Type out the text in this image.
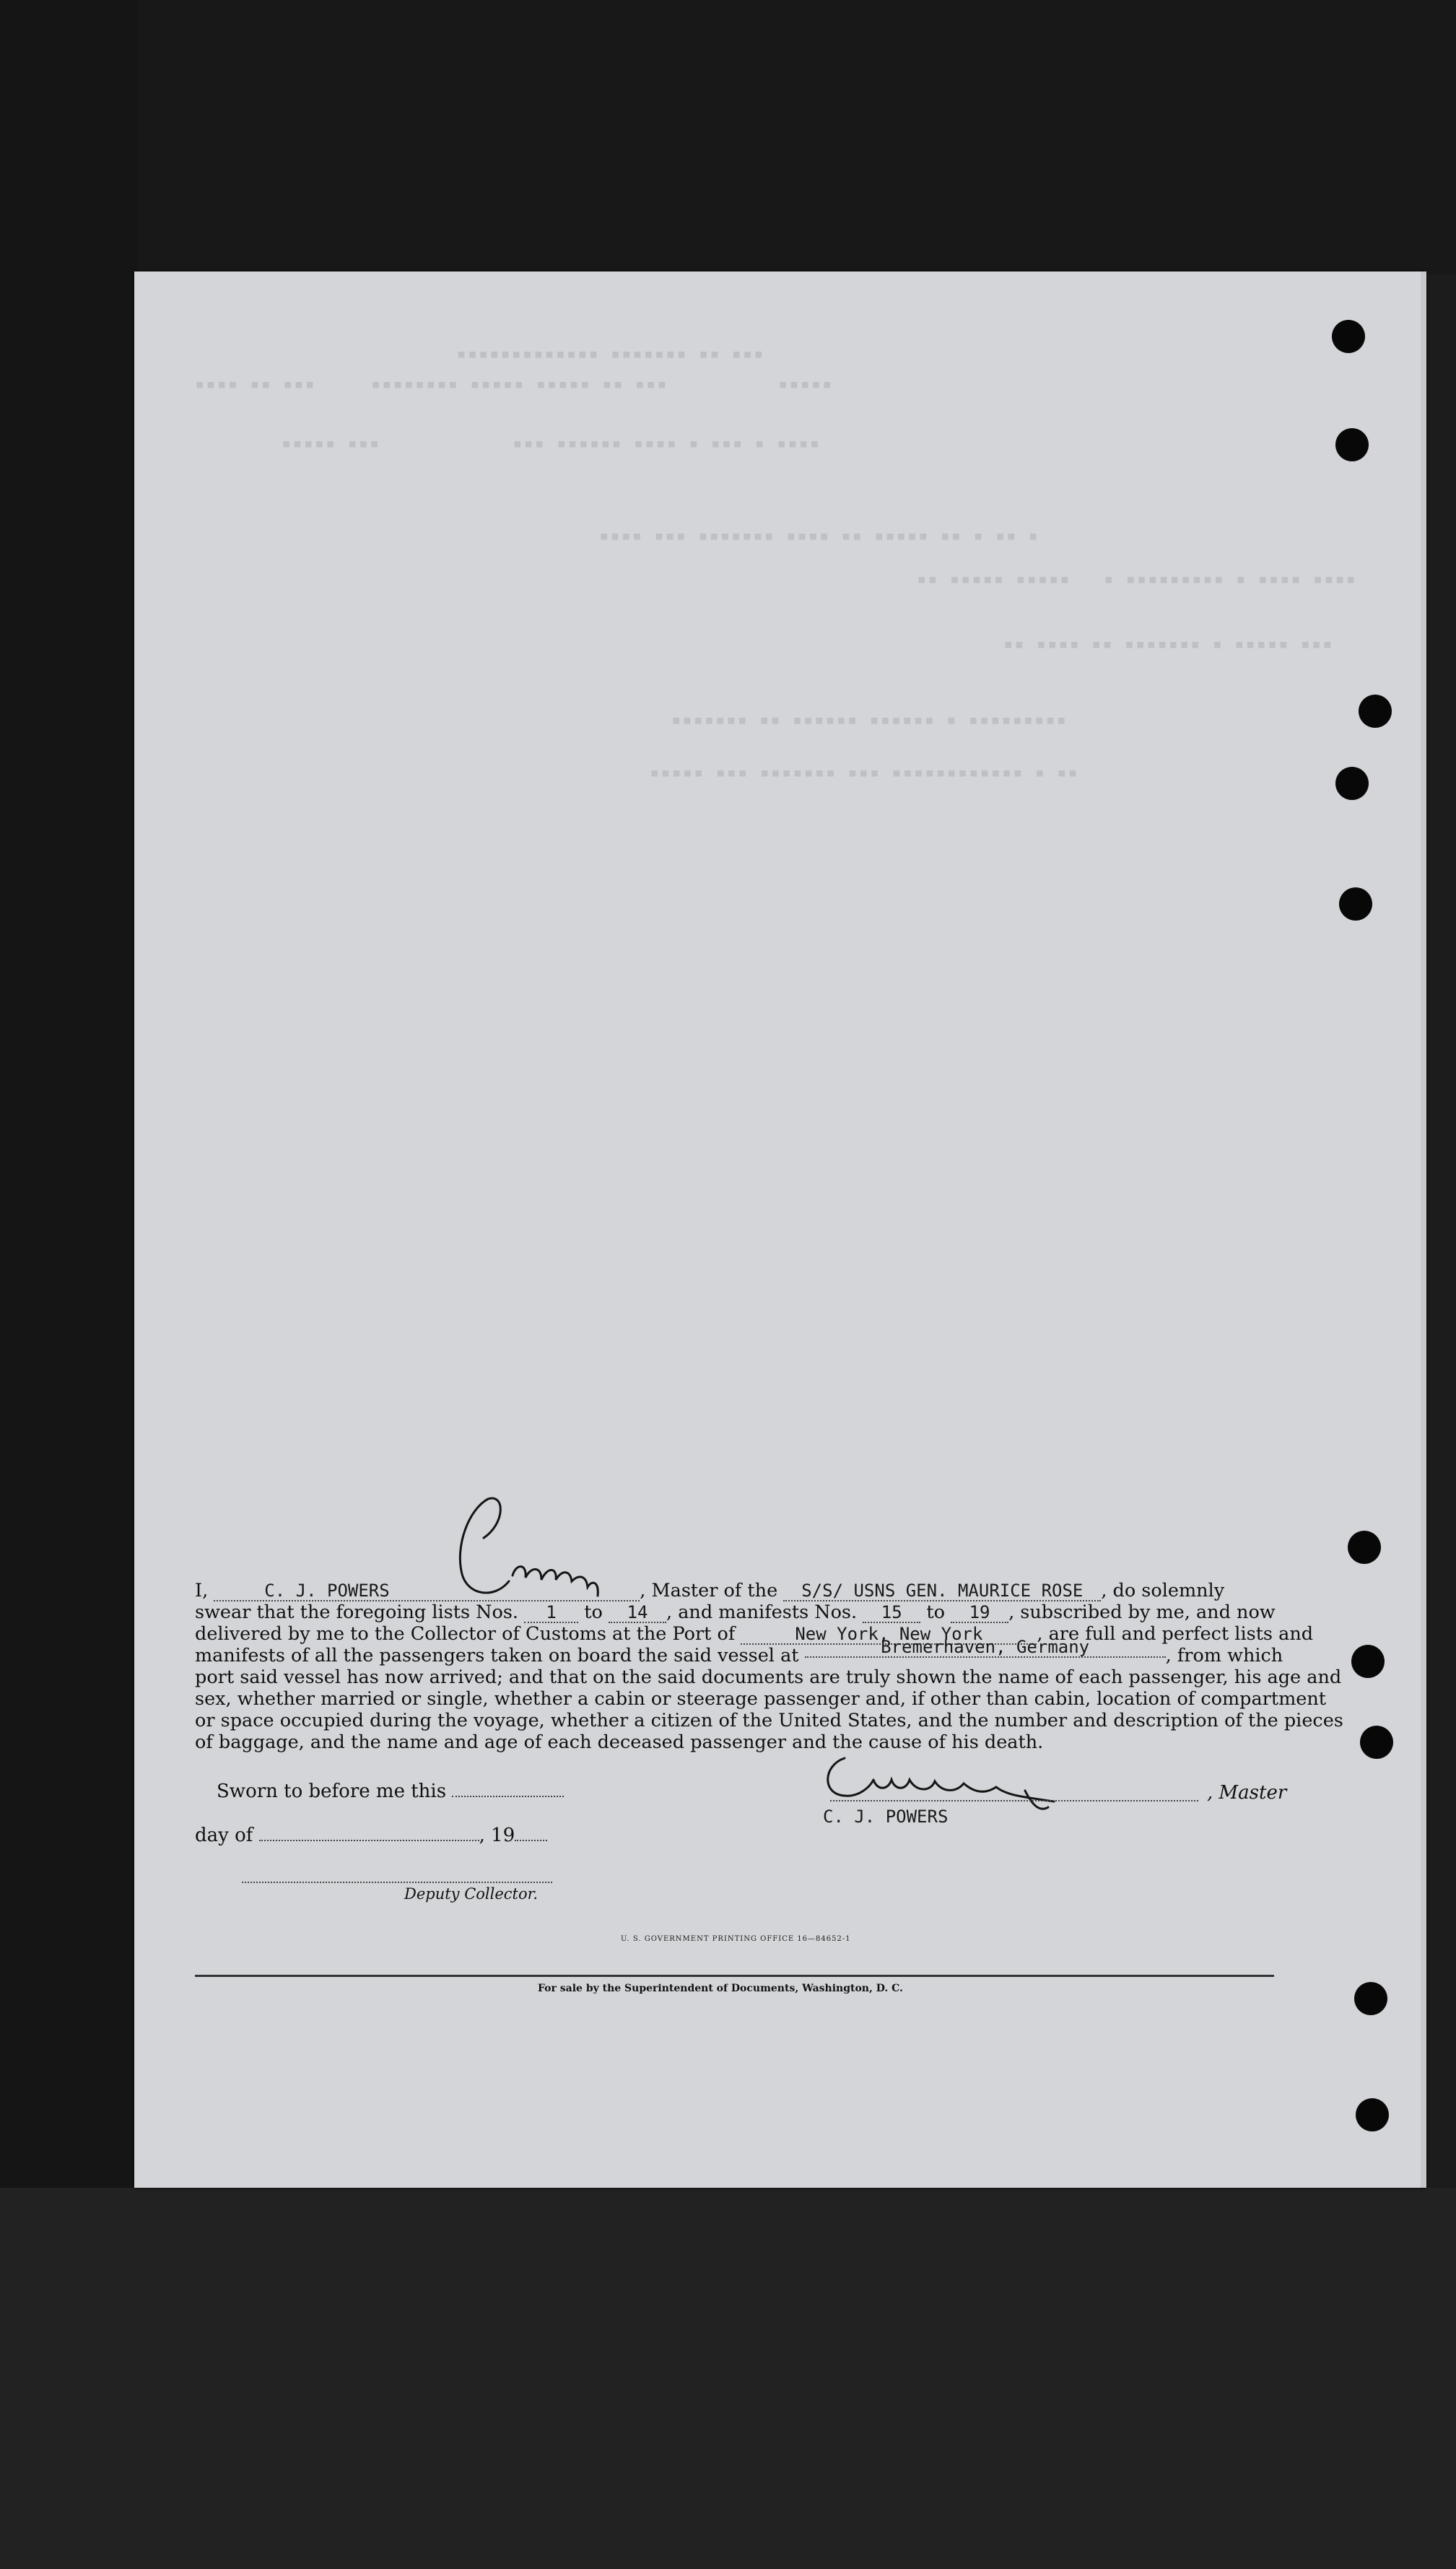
▪▪▪▪▪▪▪▪▪▪▪▪▪ ▪▪▪▪▪▪▪ ▪▪ ▪▪▪
▪▪▪▪ ▪▪ ▪▪▪     ▪▪▪▪▪▪▪▪ ▪▪▪▪▪ ▪▪▪▪▪ ▪▪ ▪▪▪          ▪▪▪▪▪
▪▪▪▪▪ ▪▪▪            ▪▪▪ ▪▪▪▪▪▪ ▪▪▪▪ ▪ ▪▪▪ ▪ ▪▪▪▪
▪▪▪▪ ▪▪▪ ▪▪▪▪▪▪▪ ▪▪▪▪ ▪▪ ▪▪▪▪▪ ▪▪ ▪ ▪▪ ▪
▪▪ ▪▪▪▪▪ ▪▪▪▪▪   ▪ ▪▪▪▪▪▪▪▪▪ ▪ ▪▪▪▪ ▪▪▪▪
▪▪ ▪▪▪▪ ▪▪ ▪▪▪▪▪▪▪ ▪ ▪▪▪▪▪ ▪▪▪
▪▪▪▪▪▪▪ ▪▪ ▪▪▪▪▪▪ ▪▪▪▪▪▪ ▪ ▪▪▪▪▪▪▪▪▪
▪▪▪▪▪ ▪▪▪ ▪▪▪▪▪▪▪ ▪▪▪ ▪▪▪▪▪▪▪▪▪▪▪▪ ▪ ▪▪
I,	C. J. POWERS	, Master of the S/S/ USNS GEN. MAURICE ROSE , do solemnly
swear that the foregoing lists Nos. 1 to 14 , and manifests Nos. 15 to 19 , subscribed by me, and now
delivered by me to the Collector of Customs at the Port of	New York, New York	, are full and perfect lists and
manifests of all the passengers taken on board the said vessel at	Bremerhaven, Germany	, from which
port said vessel has now arrived; and that on the said documents are truly shown the name of each passenger, his age and
sex, whether married or single, whether a cabin or steerage passenger and, if other than cabin, location of compartment
or space occupied during the voyage, whether a citizen of the United States, and the number and description of the pieces
of baggage, and the name and age of each deceased passenger and the cause of his death.
Sworn to before me this
day of	, 19
Deputy Collector.
, Master
C. J. POWERS
U. S. GOVERNMENT PRINTING OFFICE 16—84652-1
For sale by the Superintendent of Documents, Washington, D. C.
